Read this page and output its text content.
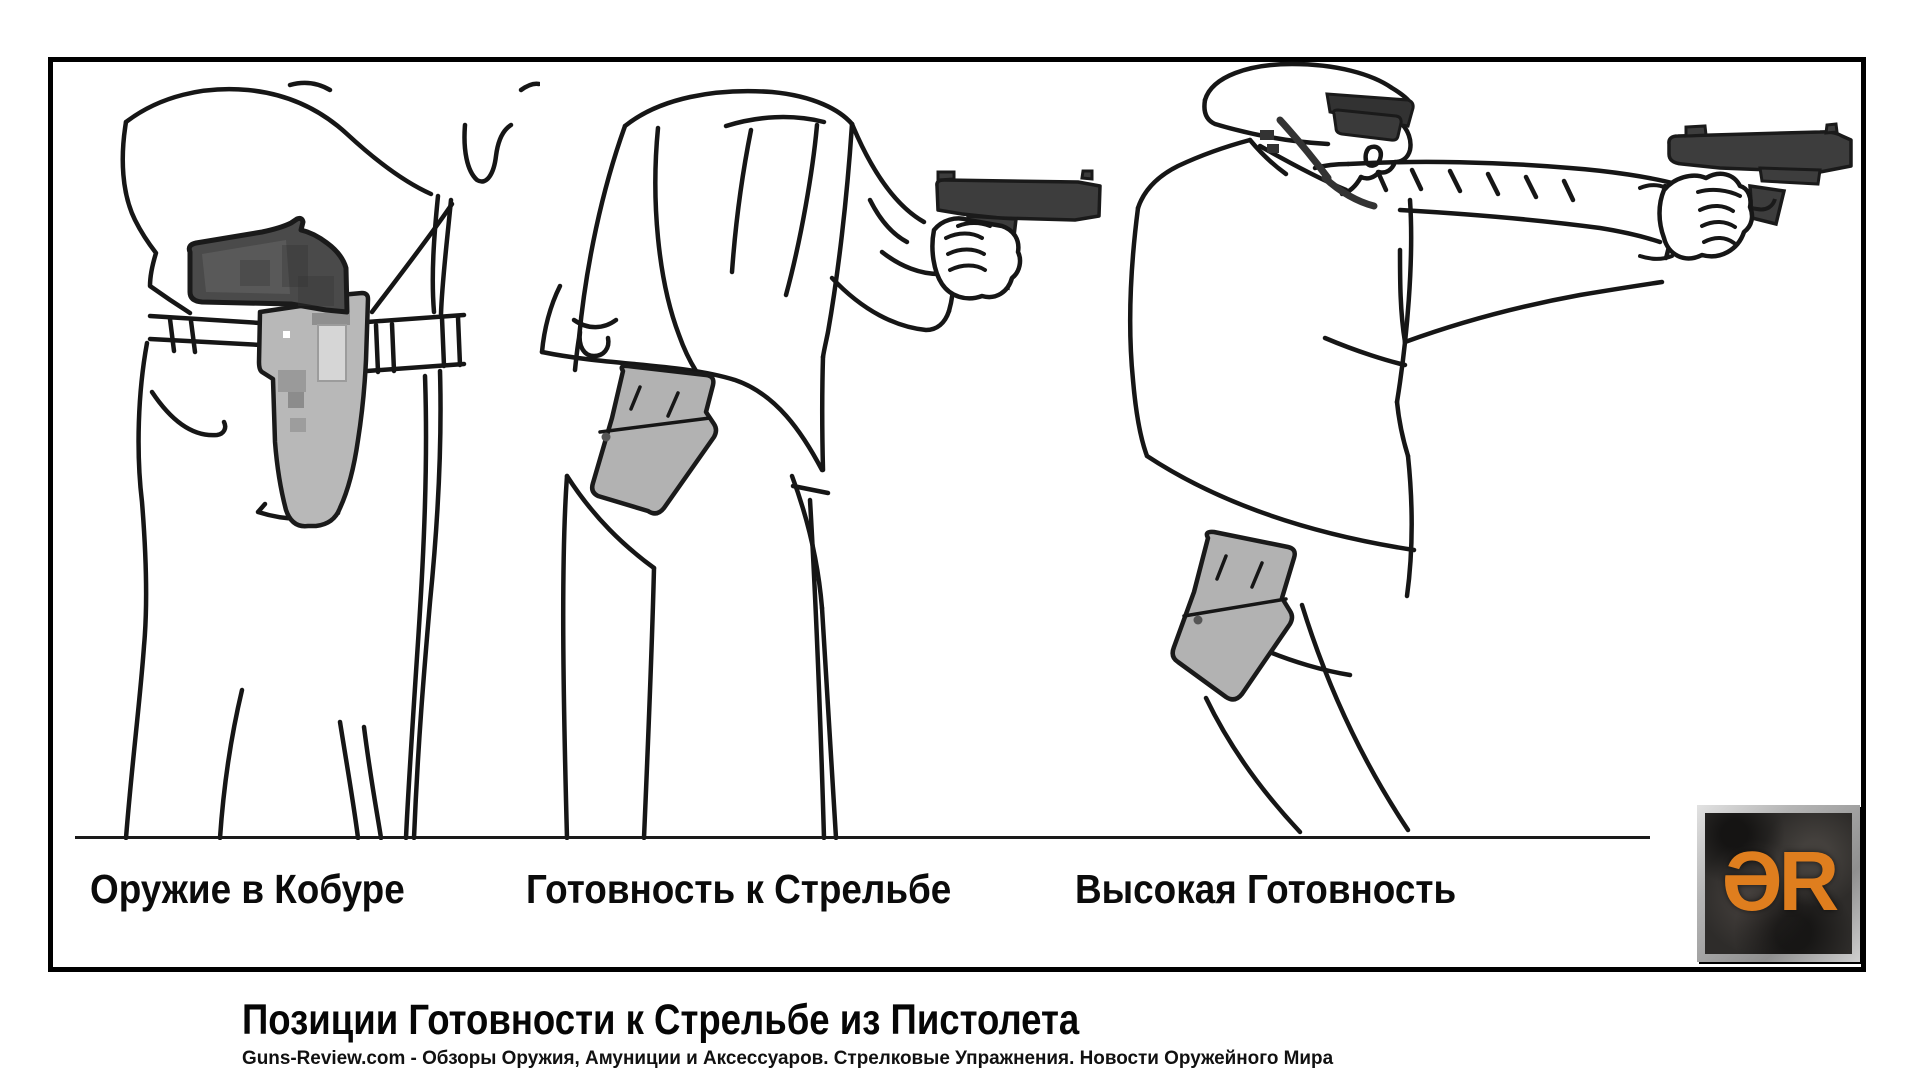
Оружие в Кобуре	Готовность к Стрельбе	Высокая Готовность	ƏR
Позиции Готовности к Стрельбе из Пистолета
Guns-Review.com - Обзоры Оружия, Амуниции и Аксессуаров. Стрелковые Упражнения. Новости Оружейного Мира
